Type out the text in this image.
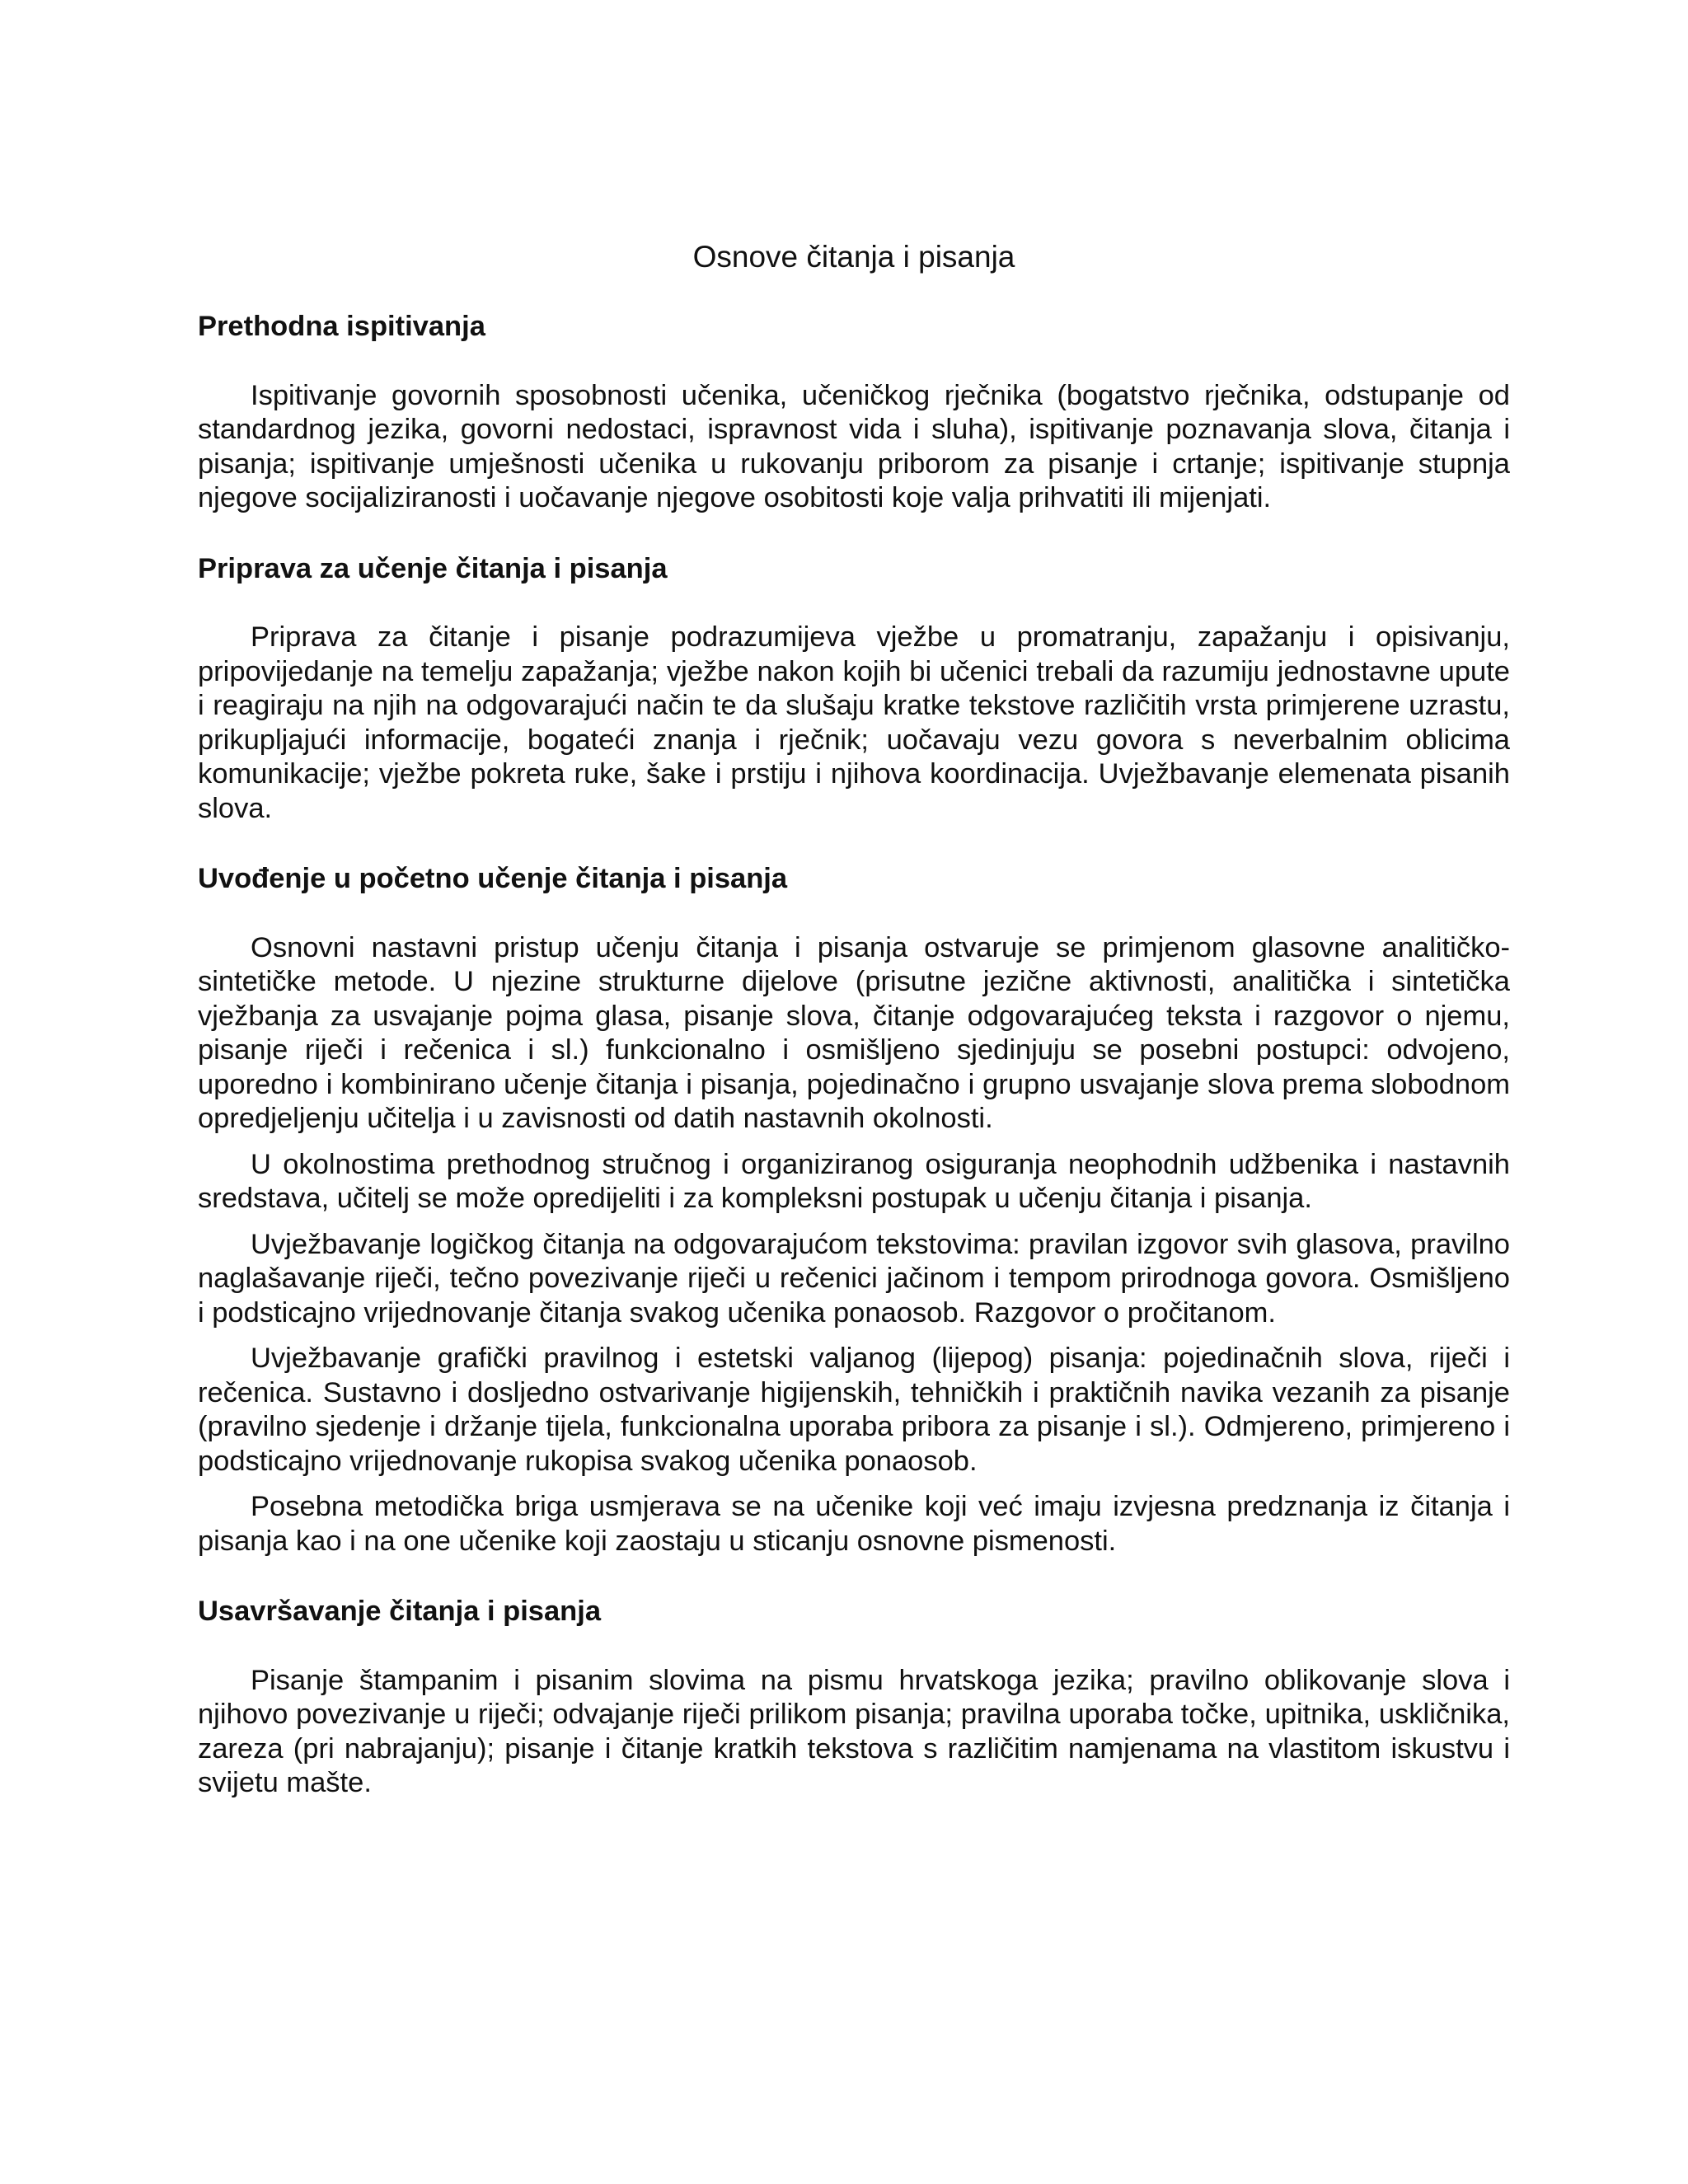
Osnove čitanja i pisanja
Prethodna ispitivanja

Ispitivanje govornih sposobnosti učenika, učeničkog rječnika (bogatstvo rječnika, odstupanje od standardnog jezika, govorni nedostaci, ispravnost vida i sluha), ispitivanje poznavanja slova, čitanja i pisanja; ispitivanje umješnosti učenika u rukovanju priborom za pisanje i crtanje; ispitivanje stupnja njegove socijaliziranosti i uočavanje njegove osobitosti koje valja prihvatiti ili mijenjati.

Priprava za učenje čitanja i pisanja

Priprava za čitanje i pisanje podrazumijeva vježbe u promatranju, zapažanju i opisivanju, pripovijedanje na temelju zapažanja; vježbe nakon kojih bi učenici trebali da razumiju jednostavne upute i reagiraju na njih na odgovarajući način te da slušaju kratke tekstove različitih vrsta primjerene uzrastu, prikupljajući informacije, bogateći znanja i rječnik; uočavaju vezu govora s neverbalnim oblicima komunikacije; vježbe pokreta ruke, šake i prstiju i njihova koordinacija. Uvježbavanje elemenata pisanih slova.

Uvođenje u početno učenje čitanja i pisanja

Osnovni nastavni pristup učenju čitanja i pisanja ostvaruje se primjenom glasovne analitičko-sintetičke metode. U njezine strukturne dijelove (prisutne jezične aktivnosti, analitička i sintetička vježbanja za usvajanje pojma glasa, pisanje slova, čitanje odgovarajućeg teksta i razgovor o njemu, pisanje riječi i rečenica i sl.) funkcionalno i osmišljeno sjedinjuju se posebni postupci: odvojeno, uporedno i kombinirano učenje čitanja i pisanja, pojedinačno i grupno usvajanje slova prema slobodnom opredjeljenju učitelja i u zavisnosti od datih nastavnih okolnosti.

U okolnostima prethodnog stručnog i organiziranog osiguranja neophodnih udžbenika i nastavnih sredstava, učitelj se može opredijeliti i za kompleksni postupak u učenju čitanja i pisanja.

Uvježbavanje logičkog čitanja na odgovarajućom tekstovima: pravilan izgovor svih glasova, pravilno naglašavanje riječi, tečno povezivanje riječi u rečenici jačinom i tempom prirodnoga govora. Osmišljeno i podsticajno vrijednovanje čitanja svakog učenika ponaosob. Razgovor o pročitanom.

Uvježbavanje grafički pravilnog i estetski valjanog (lijepog) pisanja: pojedinačnih slova, riječi i rečenica. Sustavno i dosljedno ostvarivanje higijenskih, tehničkih i praktičnih navika vezanih za pisanje (pravilno sjedenje i držanje tijela, funkcionalna uporaba pribora za pisanje i sl.). Odmjereno, primjereno i podsticajno vrijednovanje rukopisa svakog učenika ponaosob.

Posebna metodička briga usmjerava se na učenike koji već imaju izvjesna predznanja iz čitanja i pisanja kao i na one učenike koji zaostaju u sticanju osnovne pismenosti.

Usavršavanje čitanja i pisanja

Pisanje štampanim i pisanim slovima na pismu hrvatskoga jezika; pravilno oblikovanje slova i njihovo povezivanje u riječi; odvajanje riječi prilikom pisanja; pravilna uporaba točke, upitnika, uskličnika, zareza (pri nabrajanju); pisanje i čitanje kratkih tekstova s različitim namjenama na vlastitom iskustvu i svijetu mašte.
